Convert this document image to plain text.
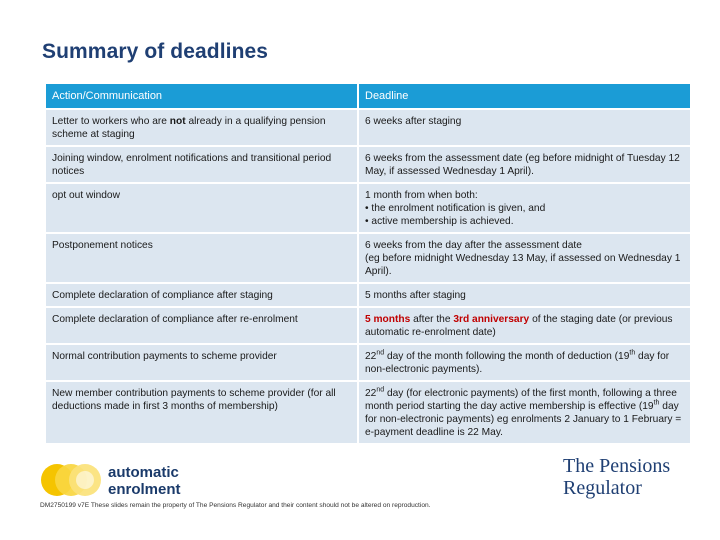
Summary of deadlines
Action/Communication	Deadline
Letter to workers who are not already in a qualifying pension scheme at staging	6 weeks after staging
Joining window, enrolment notifications and transitional period notices	6 weeks from the assessment date (eg before midnight of Tuesday 12 May, if assessed Wednesday 1 April).
opt out window	1 month from when both:
• the enrolment notification is given, and
• active membership is achieved.
Postponement notices	6 weeks from the day after the assessment date
(eg before midnight Wednesday 13 May, if assessed on Wednesday 1 April).
Complete declaration of compliance after staging	5 months after staging
Complete declaration of compliance after re-enrolment	5 months after the 3rd anniversary of the staging date (or previous automatic re-enrolment date)
Normal contribution payments to scheme provider	22nd day of the month following the month of deduction (19th day for non-electronic payments).
New member contribution payments to scheme provider (for all deductions made in first 3 months of membership)	22nd day (for electronic payments) of the first month, following a three month period starting the day active membership is effective (19th day for non-electronic payments) eg enrolments 2 January to 1 February = e-payment deadline is 22 May.
automatic
enrolment
The Pensions
Regulator
DM2750199 v7E These slides remain the property of The Pensions Regulator and their content should not be altered on reproduction.
